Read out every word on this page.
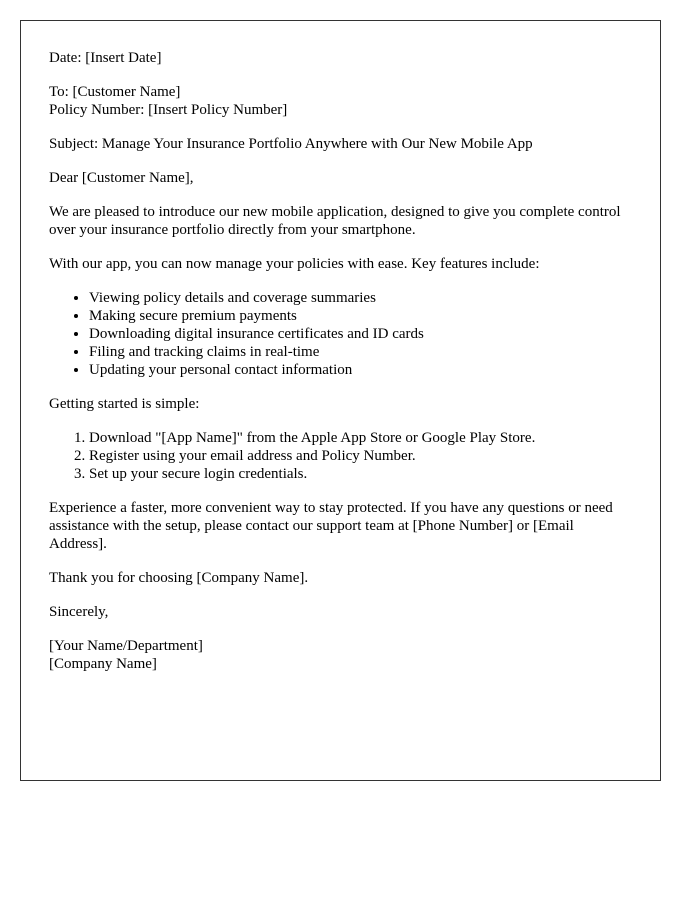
Date: [Insert Date]

To: [Customer Name]
Policy Number: [Insert Policy Number]

Subject: Manage Your Insurance Portfolio Anywhere with Our New Mobile App

Dear [Customer Name],

We are pleased to introduce our new mobile application, designed to give you complete control over your insurance portfolio directly from your smartphone.

With our app, you can now manage your policies with ease. Key features include:

• Viewing policy details and coverage summaries
• Making secure premium payments
• Downloading digital insurance certificates and ID cards
• Filing and tracking claims in real-time
• Updating your personal contact information

Getting started is simple:

1. Download "[App Name]" from the Apple App Store or Google Play Store.
2. Register using your email address and Policy Number.
3. Set up your secure login credentials.

Experience a faster, more convenient way to stay protected. If you have any questions or need assistance with the setup, please contact our support team at [Phone Number] or [Email Address].

Thank you for choosing [Company Name].

Sincerely,

[Your Name/Department]
[Company Name]
